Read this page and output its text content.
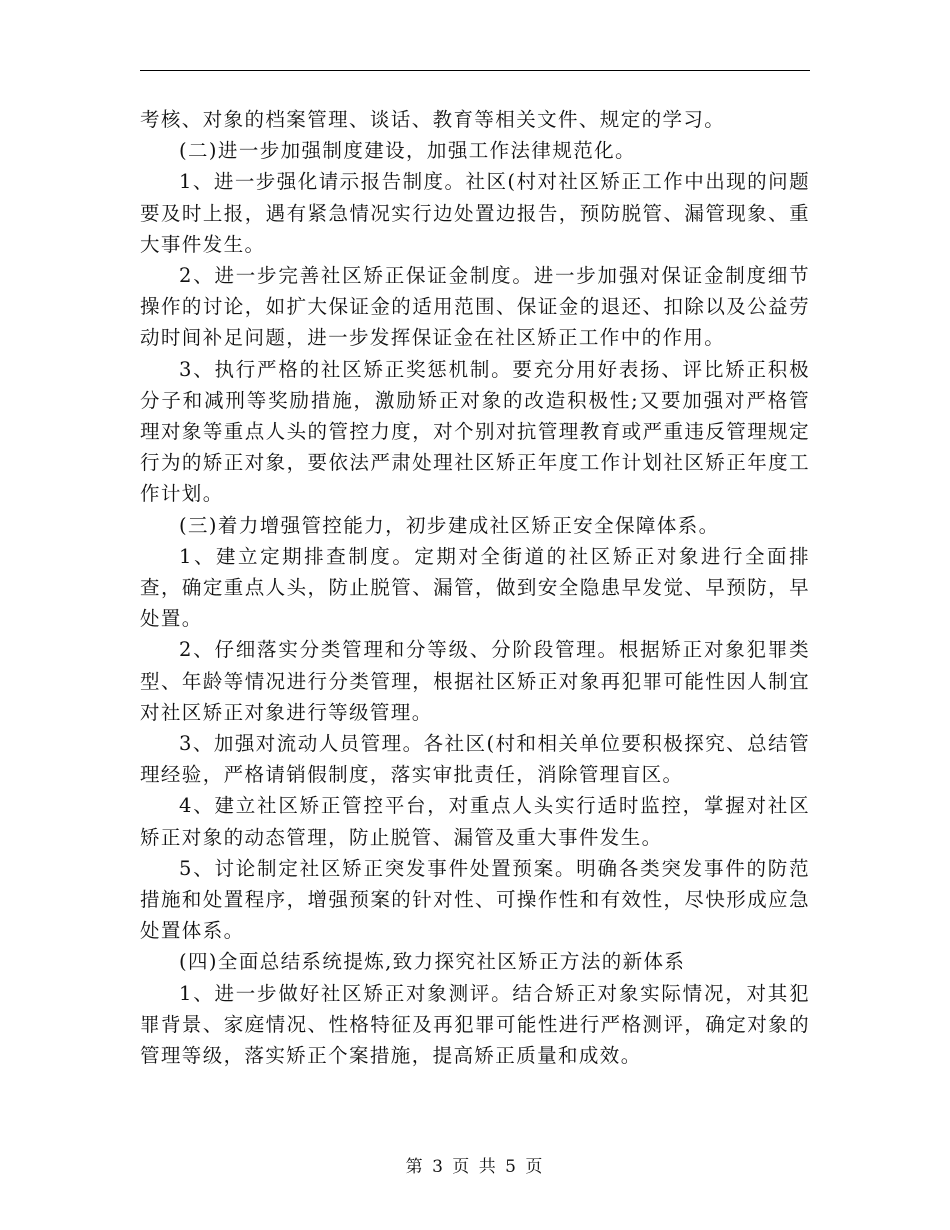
考核、对象的档案管理、谈话、教育等相关文件、规定的学习。

(二)进一步加强制度建设，加强工作法律规范化。

1、进一步强化请示报告制度。社区(村对社区矫正工作中出现的问题要及时上报，遇有紧急情况实行边处置边报告，预防脱管、漏管现象、重大事件发生。

2、进一步完善社区矫正保证金制度。进一步加强对保证金制度细节操作的讨论，如扩大保证金的适用范围、保证金的退还、扣除以及公益劳动时间补足问题，进一步发挥保证金在社区矫正工作中的作用。

3、执行严格的社区矫正奖惩机制。要充分用好表扬、评比矫正积极分子和减刑等奖励措施，激励矫正对象的改造积极性;又要加强对严格管理对象等重点人头的管控力度，对个别对抗管理教育或严重违反管理规定行为的矫正对象，要依法严肃处理社区矫正年度工作计划社区矫正年度工作计划。

(三)着力增强管控能力，初步建成社区矫正安全保障体系。

1、建立定期排查制度。定期对全街道的社区矫正对象进行全面排查，确定重点人头，防止脱管、漏管，做到安全隐患早发觉、早预防，早处置。

2、仔细落实分类管理和分等级、分阶段管理。根据矫正对象犯罪类型、年龄等情况进行分类管理，根据社区矫正对象再犯罪可能性因人制宜对社区矫正对象进行等级管理。

3、加强对流动人员管理。各社区(村和相关单位要积极探究、总结管理经验，严格请销假制度，落实审批责任，消除管理盲区。

4、建立社区矫正管控平台，对重点人头实行适时监控，掌握对社区矫正对象的动态管理，防止脱管、漏管及重大事件发生。

5、讨论制定社区矫正突发事件处置预案。明确各类突发事件的防范措施和处置程序，增强预案的针对性、可操作性和有效性，尽快形成应急处置体系。

(四)全面总结系统提炼,致力探究社区矫正方法的新体系

1、进一步做好社区矫正对象测评。结合矫正对象实际情况，对其犯罪背景、家庭情况、性格特征及再犯罪可能性进行严格测评，确定对象的管理等级，落实矫正个案措施，提高矫正质量和成效。

第 3 页 共 5 页
